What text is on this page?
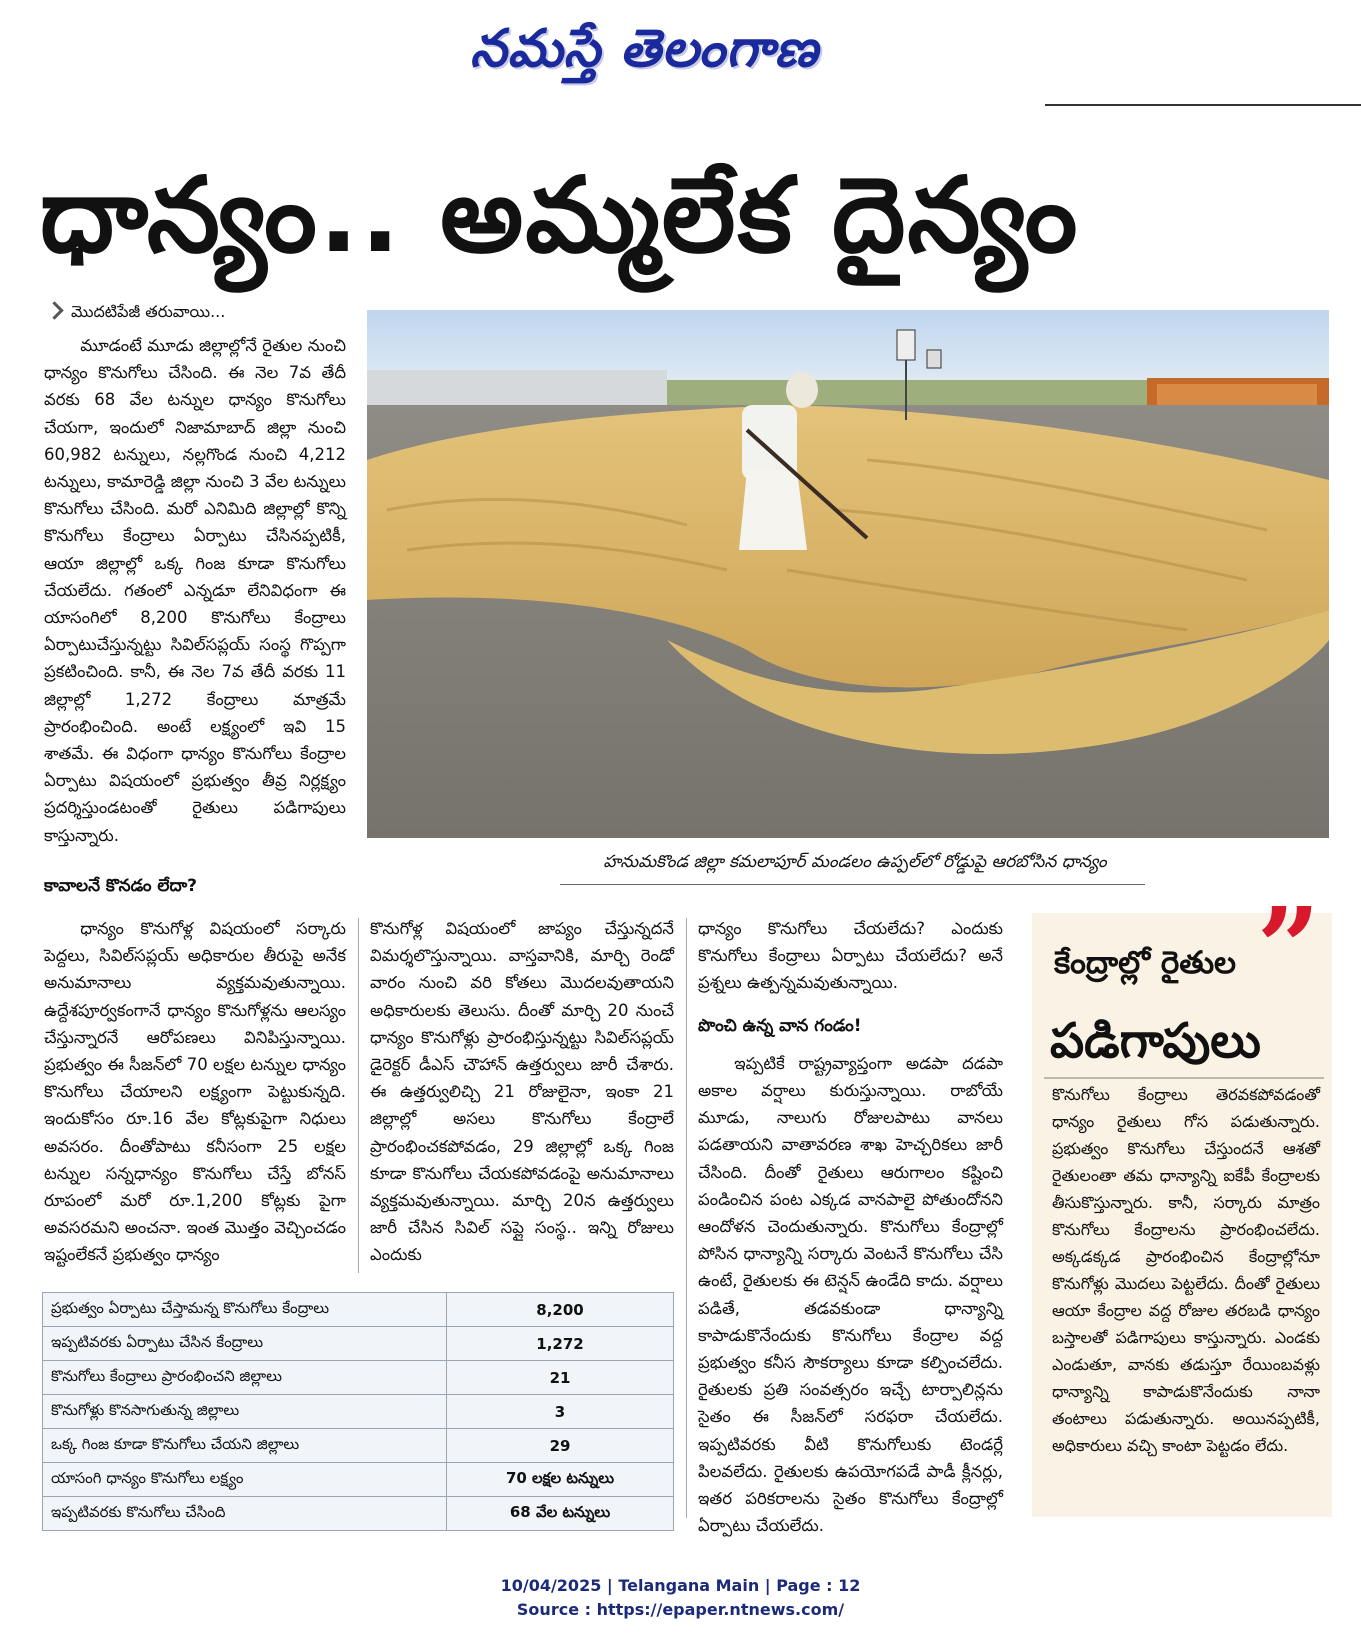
నమస్తే తెలంగాణ
ధాన్యం.. అమ్మలేక దైన్యం
మొదటిపేజీ తరువాయి...

మూడంటే మూడు జిల్లాల్లోనే రైతుల నుంచి ధాన్యం కొనుగోలు చేసింది. ఈ నెల 7వ తేదీ వరకు 68 వేల టన్నుల ధాన్యం కొనుగోలు చేయగా, ఇందులో నిజామాబాద్ జిల్లా నుంచి 60,982 టన్నులు, నల్లగొండ నుంచి 4,212 టన్నులు, కామారెడ్డి జిల్లా నుంచి 3 వేల టన్నులు కొనుగోలు చేసింది. మరో ఎనిమిది జిల్లాల్లో కొన్ని కొనుగోలు కేంద్రాలు ఏర్పాటు చేసినప్పటికీ, ఆయా జిల్లాల్లో ఒక్క గింజ కూడా కొనుగోలు చేయలేదు. గతంలో ఎన్నడూ లేనివిధంగా ఈ యాసంగిలో 8,200 కొనుగోలు కేంద్రాలు ఏర్పాటుచేస్తున్నట్టు సివిల్‌సప్లయ్ సంస్థ గొప్పగా ప్రకటించింది. కానీ, ఈ నెల 7వ తేదీ వరకు 11 జిల్లాల్లో 1,272 కేంద్రాలు మాత్రమే ప్రారంభించింది. అంటే లక్ష్యంలో ఇవి 15 శాతమే. ఈ విధంగా ధాన్యం కొనుగోలు కేంద్రాల ఏర్పాటు విషయంలో ప్రభుత్వం తీవ్ర నిర్లక్ష్యం ప్రదర్శిస్తుండటంతో రైతులు పడిగాపులు కాస్తున్నారు.

హనుమకొండ జిల్లా కమలాపూర్ మండలం ఉప్పల్‌లో రోడ్డుపై ఆరబోసిన ధాన్యం
కావాలనే కొనడం లేదా?

ధాన్యం కొనుగోళ్ల విషయంలో సర్కారు పెద్దలు, సివిల్‌సప్లయ్ అధికారుల తీరుపై అనేక అనుమానాలు వ్యక్తమవుతున్నాయి. ఉద్దేశపూర్వకంగానే ధాన్యం కొనుగోళ్లను ఆలస్యం చేస్తున్నారనే ఆరోపణలు వినిపిస్తున్నాయి. ప్రభుత్వం ఈ సీజన్‌లో 70 లక్షల టన్నుల ధాన్యం కొనుగోలు చేయాలని లక్ష్యంగా పెట్టుకున్నది. ఇందుకోసం రూ.16 వేల కోట్లకుపైగా నిధులు అవసరం. దీంతోపాటు కనీసంగా 25 లక్షల టన్నుల సన్నధాన్యం కొనుగోలు చేస్తే బోనస్ రూపంలో మరో రూ.1,200 కోట్లకు పైగా అవసరమని అంచనా. ఇంత మొత్తం వెచ్చించడం ఇష్టంలేకనే ప్రభుత్వం ధాన్యం

కొనుగోళ్ల విషయంలో జాప్యం చేస్తున్నదనే విమర్శలొస్తున్నాయి. వాస్తవానికి, మార్చి రెండో వారం నుంచి వరి కోతలు మొదలవుతాయని అధికారులకు తెలుసు. దీంతో మార్చి 20 నుంచే ధాన్యం కొనుగోళ్లు ప్రారంభిస్తున్నట్టు సివిల్‌సప్లయ్ డైరెక్టర్ డీఎస్ చౌహాన్ ఉత్తర్వులు జారీ చేశారు. ఈ ఉత్తర్వులిచ్చి 21 రోజులైనా, ఇంకా 21 జిల్లాల్లో అసలు కొనుగోలు కేంద్రాలే ప్రారంభించకపోవడం, 29 జిల్లాల్లో ఒక్క గింజ కూడా కొనుగోలు చేయకపోవడంపై అనుమానాలు వ్యక్తమవుతున్నాయి. మార్చి 20న ఉత్తర్వులు జారీ చేసిన సివిల్ సప్లై సంస్థ.. ఇన్ని రోజులు ఎందుకు

ధాన్యం కొనుగోలు చేయలేదు? ఎందుకు కొనుగోలు కేంద్రాలు ఏర్పాటు చేయలేదు? అనే ప్రశ్నలు ఉత్పన్నమవుతున్నాయి.

పొంచి ఉన్న వాన గండం!

ఇప్పటికే రాష్ట్రవ్యాప్తంగా అడపా దడపా అకాల వర్షాలు కురుస్తున్నాయి. రాబోయే మూడు, నాలుగు రోజులపాటు వానలు పడతాయని వాతావరణ శాఖ హెచ్చరికలు జారీ చేసింది. దీంతో రైతులు ఆరుగాలం కష్టించి పండించిన పంట ఎక్కడ వానపాలై పోతుందోనని ఆందోళన చెందుతున్నారు. కొనుగోలు కేంద్రాల్లో పోసిన ధాన్యాన్ని సర్కారు వెంటనే కొనుగోలు చేసి ఉంటే, రైతులకు ఈ టెన్షన్ ఉండేది కాదు. వర్షాలు పడితే, తడవకుండా ధాన్యాన్ని కాపాడుకొనేందుకు కొనుగోలు కేంద్రాల వద్ద ప్రభుత్వం కనీస సౌకర్యాలు కూడా కల్పించలేదు. రైతులకు ప్రతి సంవత్సరం ఇచ్చే టార్పాలిన్లను సైతం ఈ సీజన్‌లో సరఫరా చేయలేదు. ఇప్పటివరకు వీటి కొనుగోలుకు టెండర్లే పిలవలేదు. రైతులకు ఉపయోగపడే పాడీ క్లీనర్లు, ఇతర పరికరాలను సైతం కొనుగోలు కేంద్రాల్లో ఏర్పాటు చేయలేదు.

ప్రభుత్వం ఏర్పాటు చేస్తామన్న కొనుగోలు కేంద్రాలు	8,200
ఇప్పటివరకు ఏర్పాటు చేసిన కేంద్రాలు	1,272
కొనుగోలు కేంద్రాలు ప్రారంభించని జిల్లాలు	21
కొనుగోళ్లు కొనసాగుతున్న జిల్లాలు	3
ఒక్క గింజ కూడా కొనుగోలు చేయని జిల్లాలు	29
యాసంగి ధాన్యం కొనుగోలు లక్ష్యం	70 లక్షల టన్నులు
ఇప్పటివరకు కొనుగోలు చేసింది	68 వేల టన్నులు
”
కేంద్రాల్లో రైతుల
పడిగాపులు
కొనుగోలు కేంద్రాలు తెరవకపోవడంతో ధాన్యం రైతులు గోస పడుతున్నారు. ప్రభుత్వం కొనుగోలు చేస్తుందనే ఆశతో రైతులంతా తమ ధాన్యాన్ని ఐకేపీ కేంద్రాలకు తీసుకొస్తున్నారు. కానీ, సర్కారు మాత్రం కొనుగోలు కేంద్రాలను ప్రారంభించలేదు. అక్కడక్కడ ప్రారంభించిన కేంద్రాల్లోనూ కొనుగోళ్లు మొదలు పెట్టలేదు. దీంతో రైతులు ఆయా కేంద్రాల వద్ద రోజుల తరబడి ధాన్యం బస్తాలతో పడిగాపులు కాస్తున్నారు. ఎండకు ఎండుతూ, వానకు తడుస్తూ రేయింబవళ్లు ధాన్యాన్ని కాపాడుకొనేందుకు నానా తంటాలు పడుతున్నారు. అయినప్పటికీ, అధికారులు వచ్చి కాంటా పెట్టడం లేదు.
10/04/2025 | Telangana Main | Page : 12
Source : https://epaper.ntnews.com/
